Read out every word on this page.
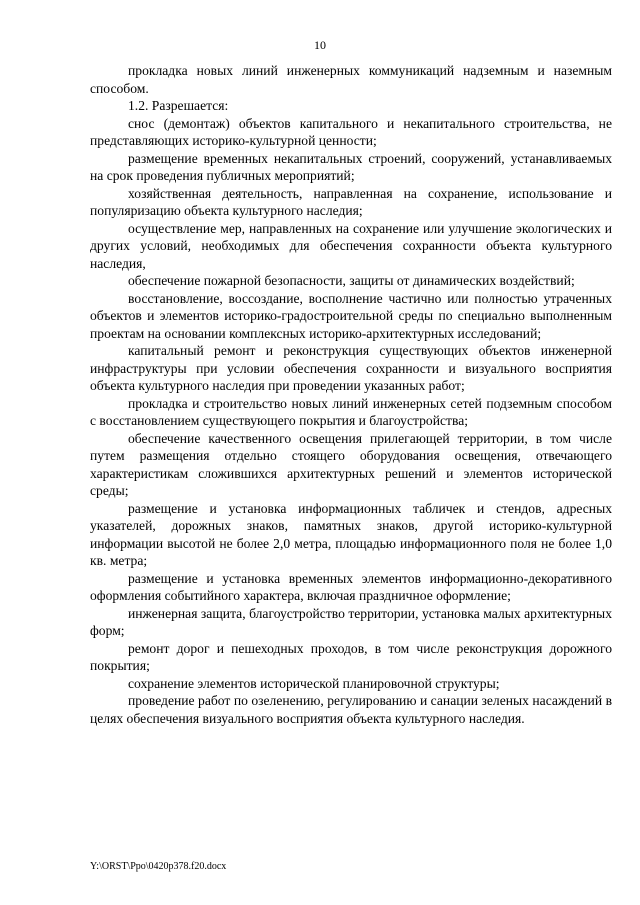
10

прокладка новых линий инженерных коммуникаций надземным и наземным способом.

1.2. Разрешается:

снос (демонтаж) объектов капитального и некапитального строительства, не представляющих историко-культурной ценности;

размещение временных некапитальных строений, сооружений, устанавливаемых на срок проведения публичных мероприятий;

хозяйственная деятельность, направленная на сохранение, использование и популяризацию объекта культурного наследия;

осуществление мер, направленных на сохранение или улучшение экологических и других условий, необходимых для обеспечения сохранности объекта культурного наследия,

обеспечение пожарной безопасности, защиты от динамических воздействий;

восстановление, воссоздание, восполнение частично или полностью утраченных объектов и элементов историко-градостроительной среды по специально выполненным проектам на основании комплексных историко-архитектурных исследований;

капитальный ремонт и реконструкция существующих объектов инженерной инфраструктуры при условии обеспечения сохранности и визуального восприятия объекта культурного наследия при проведении указанных работ;

прокладка и строительство новых линий инженерных сетей подземным способом с восстановлением существующего покрытия и благоустройства;

обеспечение качественного освещения прилегающей территории, в том числе путем размещения отдельно стоящего оборудования освещения, отвечающего характеристикам сложившихся архитектурных решений и элементов исторической среды;

размещение и установка информационных табличек и стендов, адресных указателей, дорожных знаков, памятных знаков, другой историко-культурной информации высотой не более 2,0 метра, площадью информационного поля не более 1,0 кв. метра;

размещение и установка временных элементов информационно-декоративного оформления событийного характера, включая праздничное оформление;

инженерная защита, благоустройство территории, установка малых архитектурных форм;

ремонт дорог и пешеходных проходов, в том числе реконструкция дорожного покрытия;

сохранение элементов исторической планировочной структуры;

проведение работ по озеленению, регулированию и санации зеленых насаждений в целях обеспечения визуального восприятия объекта культурного наследия.

Y:\ORST\Ppo\0420p378.f20.docx
